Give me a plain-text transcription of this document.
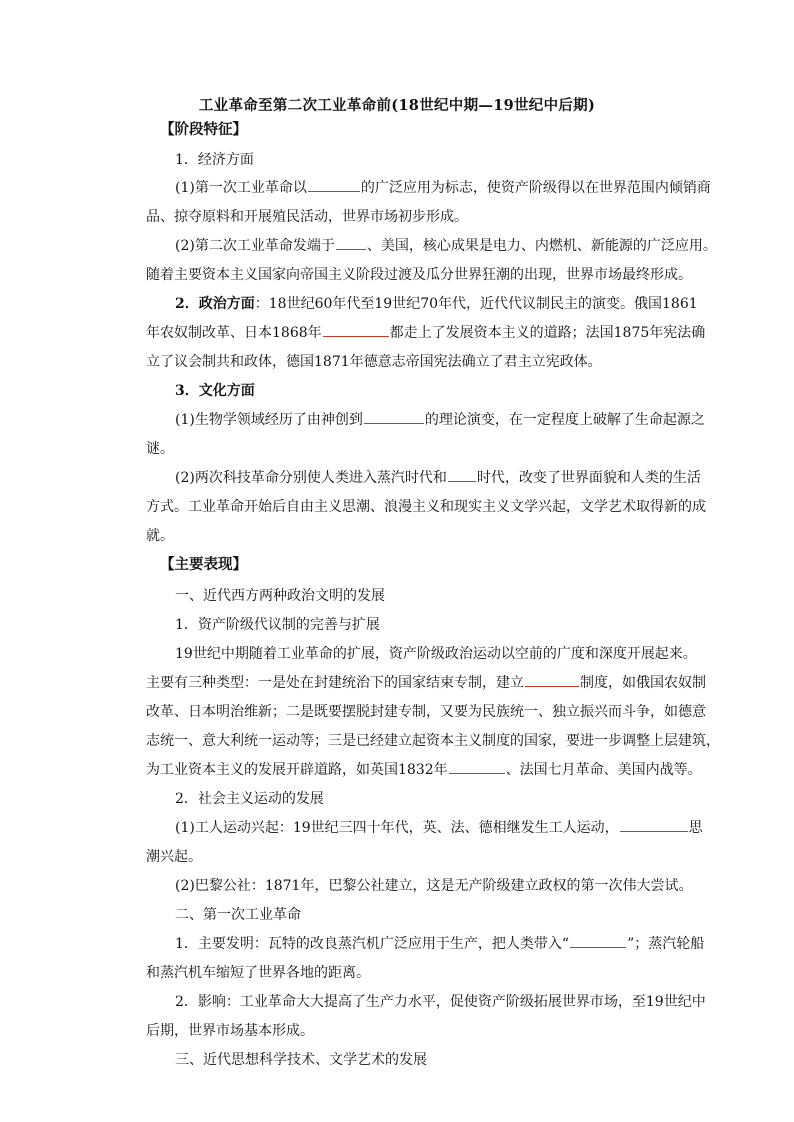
工业革命至第二次工业革命前(18世纪中期—19世纪中后期)
【阶段特征】
1．经济方面
(1)第一次工业革命以	的广泛应用为标志，使资产阶级得以在世界范围内倾销商
品、掠夺原料和开展殖民活动，世界市场初步形成。
(2)第二次工业革命发端于 、美国，核心成果是电力、内燃机、新能源的广泛应用。
随着主要资本主义国家向帝国主义阶段过渡及瓜分世界狂潮的出现，世界市场最终形成。
2．政治方面：18世纪60年代至19世纪70年代，近代代议制民主的演变。俄国1861
年农奴制改革、日本1868年	都走上了发展资本主义的道路；法国1875年宪法确
立了议会制共和政体，德国1871年德意志帝国宪法确立了君主立宪政体。
3．文化方面
(1)生物学领域经历了由神创到	的理论演变，在一定程度上破解了生命起源之
谜。
(2)两次科技革命分别使人类进入蒸汽时代和 时代，改变了世界面貌和人类的生活
方式。工业革命开始后自由主义思潮、浪漫主义和现实主义文学兴起，文学艺术取得新的成
就。
【主要表现】
一、近代西方两种政治文明的发展
1．资产阶级代议制的完善与扩展
19世纪中期随着工业革命的扩展，资产阶级政治运动以空前的广度和深度开展起来。
主要有三种类型：一是处在封建统治下的国家结束专制，建立	制度，如俄国农奴制
改革、日本明治维新；二是既要摆脱封建专制，又要为民族统一、独立振兴而斗争，如德意
志统一、意大利统一运动等；三是已经建立起资本主义制度的国家，要进一步调整上层建筑，
为工业资本主义的发展开辟道路，如英国1832年	、法国七月革命、美国内战等。
2．社会主义运动的发展
(1)工人运动兴起：19世纪三四十年代，英、法、德相继发生工人运动，	思
潮兴起。
(2)巴黎公社：1871年，巴黎公社建立，这是无产阶级建立政权的第一次伟大尝试。
二、第一次工业革命
1．主要发明：瓦特的改良蒸汽机广泛应用于生产，把人类带入“	”；蒸汽轮船
和蒸汽机车缩短了世界各地的距离。
2．影响：工业革命大大提高了生产力水平，促使资产阶级拓展世界市场，至19世纪中
后期，世界市场基本形成。
三、近代思想科学技术、文学艺术的发展
